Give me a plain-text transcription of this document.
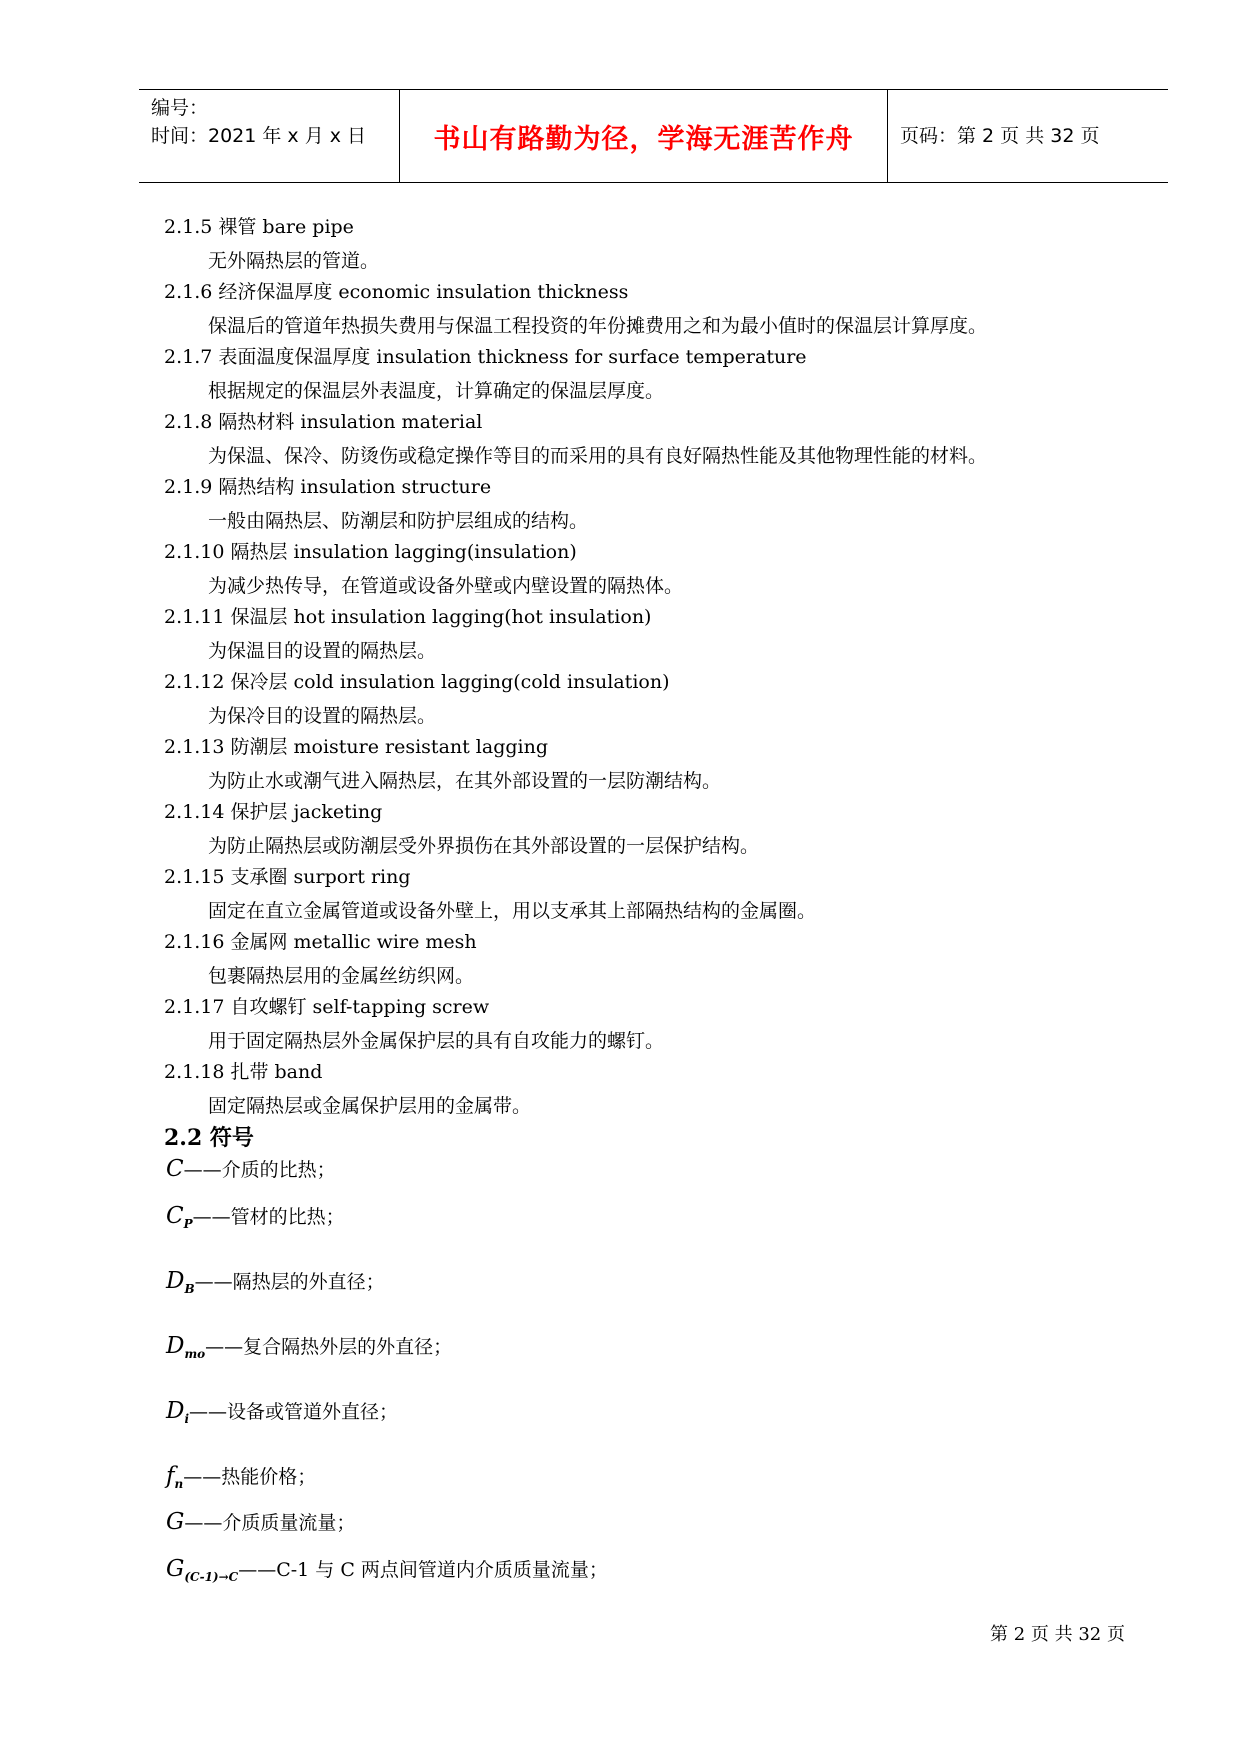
编号：
时间：2021 年 x 月 x 日	书山有路勤为径，学海无涯苦作舟 页码：第 2 页 共 32 页
2.1.5 裸管 bare pipe
无外隔热层的管道。
2.1.6 经济保温厚度 economic insulation thickness
保温后的管道年热损失费用与保温工程投资的年份摊费用之和为最小值时的保温层计算厚度。
2.1.7 表面温度保温厚度 insulation thickness for surface temperature
根据规定的保温层外表温度，计算确定的保温层厚度。
2.1.8 隔热材料 insulation material
为保温、保冷、防烫伤或稳定操作等目的而采用的具有良好隔热性能及其他物理性能的材料。
2.1.9 隔热结构 insulation structure
一般由隔热层、防潮层和防护层组成的结构。
2.1.10 隔热层 insulation lagging(insulation)
为减少热传导，在管道或设备外壁或内壁设置的隔热体。
2.1.11 保温层 hot insulation lagging(hot insulation)
为保温目的设置的隔热层。
2.1.12 保冷层 cold insulation lagging(cold insulation)
为保冷目的设置的隔热层。
2.1.13 防潮层 moisture resistant lagging
为防止水或潮气进入隔热层，在其外部设置的一层防潮结构。
2.1.14 保护层 jacketing
为防止隔热层或防潮层受外界损伤在其外部设置的一层保护结构。
2.1.15 支承圈 surport ring
固定在直立金属管道或设备外壁上，用以支承其上部隔热结构的金属圈。
2.1.16 金属网 metallic wire mesh
包裹隔热层用的金属丝纺织网。
2.1.17 自攻螺钉 self-tapping screw
用于固定隔热层外金属保护层的具有自攻能力的螺钉。
2.1.18 扎带 band
固定隔热层或金属保护层用的金属带。
2.2 符号
C——介质的比热；
$C_P——$管材的比热；
$D_B——$隔热层的外直径；
$D_{mo}——$复合隔热外层的外直径；
$D_i——$设备或管道外直径；
$f_n——$热能价格；
G——介质质量流量；
$G_{(C-1)\to C}——C-1$ 与 C 两点间管道内介质质量流量；
第 2 页 共 32 页
